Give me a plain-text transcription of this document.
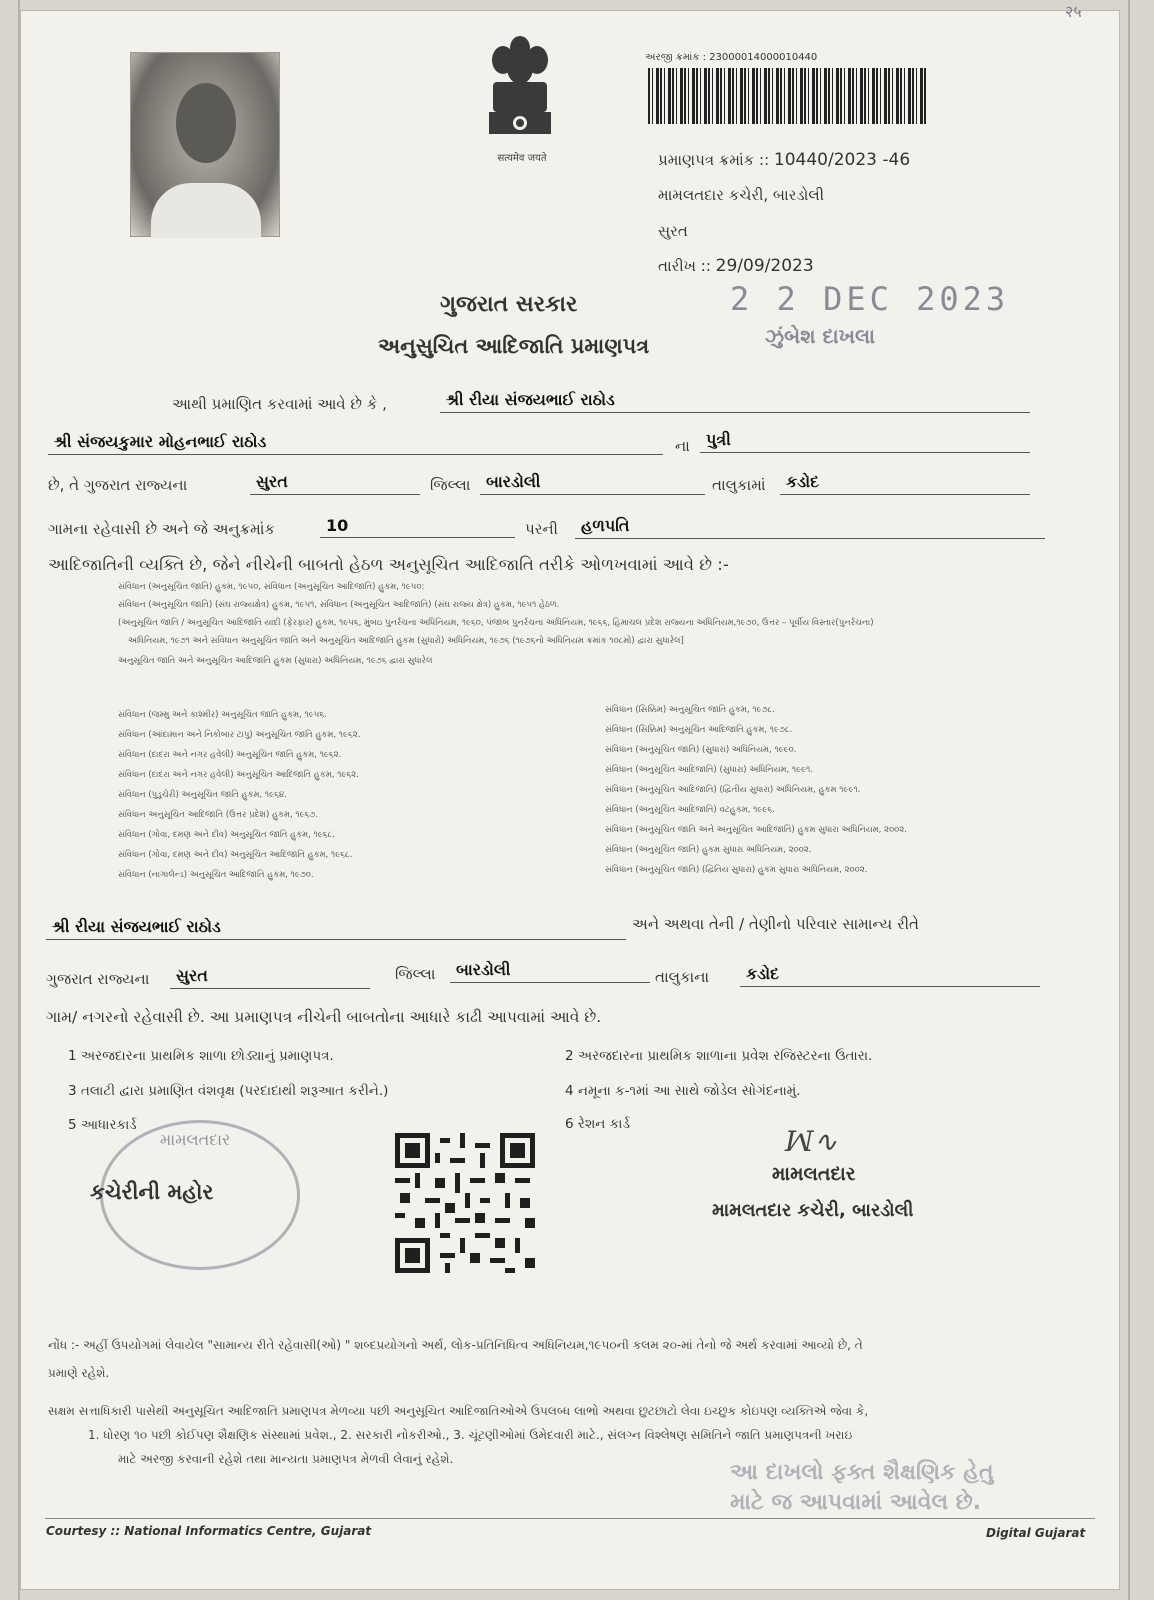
२५
सत्यमेव जयते
અરજી ક્રમાંક : 23000014000010440
પ્રમાણપત્ર ક્રમાંક :: 10440/2023 -46
મામલતદાર કચેરી, બારડોલી
સુરત
તારીખ :: 29/09/2023
2 2 DEC 2023
ઝુંબેશ દાખલા
ગુજરાત સરકાર
અનુસુચિત આદિજાતિ પ્રમાણપત્ર
આથી પ્રમાણિત કરવામાં આવે છે કે ,	શ્રી રીયા સંજયભાઈ રાઠોડ
શ્રી સંજયકુમાર મોહનભાઈ રાઠોડ	ના	પુત્રી
છે, તે ગુજરાત રાજ્યના	સુરત	જિલ્લા બારડોલી	તાલુકામાં	કડોદ
ગામના રહેવાસી છે અને જે અનુક્રમાંક	10	પરની	હળપતિ
આદિજાતિની વ્યક્તિ છે, જેને નીચેની બાબતો હેઠળ અનુસૂચિત આદિજાતિ તરીકે ઓળખવામાં આવે છે :-
સંવિધાન (અનુસૂચિત જાતિ) હુકમ, ૧૯૫૦, સંવિધાન (અનુસૂચિત આદિજાતિ) હુકમ, ૧૯૫૦:
સંવિધાન (અનુસૂચિત જાતિ) (સંઘ રાજ્યક્ષેત્ર) હુકમ, ૧૯૫૧, સંવિધાન (અનુસૂચિત આદિજાતિ) (સંઘ રાજ્ય ક્ષેત્ર) હુકમ, ૧૯૫૧ હેઠળ.
(અનુસૂચિત જાતિ / અનુસૂચિત આદિજાતિ યાદી (ફેરફાર) હુકમ, ૧૯૫૬, મુંબઇ પુનર્રચના અધિનિયમ, ૧૯૬૦, પંજાબ પુનર્રચના અધિનિયમ, ૧૯૬૬, હિમાચલ પ્રદેશ રાજ્યના અધિનિયમ,૧૯૭૦, ઉત્તર – પૂર્વીય વિસ્તાર(પુનર્રચના)
અધિનિયમ, ૧૯૭૧ અને સંવિધાન અનુસૂચિત જાતિ અને અનુસૂચિત આદિજાતિ હુકમ (સુધારો) અધિનિયમ, ૧૯૭૬ (૧૯૭૬નો અધિનિયમ ક્રમાંક ૧૦૮મો) દ્વારા સુધારેલ]
અનુસૂચિત જાતિ અને અનુસૂચિત આદિજાતિ હુકમ (સુધારા) અધિનિયમ, ૧૯૭૬ દ્વારા સુધારેલ
સંવિધાન (જમ્મુ અને કાશ્મીર) અનુસૂચિત જાતિ હુકમ, ૧૯૫૬.
સંવિધાન (આંદામાન અને નિકોબાર ટાપુ) અનુસૂચિત જાતિ હુકમ, ૧૯૬૨.
સંવિધાન (દાદરા અને નગર હવેલી) અનુસૂચિત જાતિ હુકમ, ૧૯૬૨.
સંવિધાન (દાદરા અને નગર હવેલી) અનુસૂચિત આદિજાતિ હુકમ, ૧૯૬૨.
સંવિધાન (પુડુચેરી) અનુસૂચિત જાતિ હુકમ, ૧૯૬૪.
સંવિધાન અનુસૂચિત આદિજાતિ (ઉત્તર પ્રદેશ) હુકમ, ૧૯૬૭.
સંવિધાન (ગોવા, દમણ અને દીવ) અનુસૂચિત જાતિ હુકમ, ૧૯૬૮.
સંવિધાન (ગોવા, દમણ અને દીવ) અનુસૂચિત આદિજાતિ હુકમ, ૧૯૬૮.
સંવિધાન (નાગાલેન્ડ) અનુસૂચિત આદિજાતિ હુકમ, ૧૯૭૦.
સંવિધાન (સિક્કિમ) અનુસૂચિત જાતિ હુકમ, ૧૯૭૮.
સંવિધાન (સિક્કિમ) અનુસૂચિત આદિજાતિ હુકમ, ૧૯૭૮.
સંવિધાન (અનુસૂચિત જાતિ) (સુધારા) અધિનિયમ, ૧૯૯૦.
સંવિધાન (અનુસૂચિત આદિજાતિ) (સુધારા) અધિનિયમ, ૧૯૯૧.
સંવિધાન (અનુસૂચિત આદિજાતિ) (દ્વિતીય સુધારા) અધિનિયમ, હુકમ ૧૯૯૧.
સંવિધાન (અનુસૂચિત આદિજાતિ) વટહુકમ, ૧૯૯૬.
સંવિધાન (અનુસૂચિત જાતિ અને અનુસૂચિત આદિજાતિ) હુકમ સુધારા અધિનિયમ, ૨૦૦૨.
સંવિધાન (અનુસૂચિત જાતિ) હુકમ સુધારા અધિનિયમ, ૨૦૦૨.
સંવિધાન (અનુસૂચિત જાતિ) (દ્વિતિય સુધારા) હુકમ સુધારા અધિનિયમ, ૨૦૦૨.
શ્રી રીયા સંજયભાઈ રાઠોડ	અને અથવા તેની / તેણીનો પરિવાર સામાન્ય રીતે
ગુજરાત રાજ્યના	સુરત	જિલ્લા	બારડોલી	તાલુકાના	કડોદ
ગામ/ નગરનો રહેવાસી છે. આ પ્રમાણપત્ર નીચેની બાબતોના આધારે કાઢી આપવામાં આવે છે.
1 અરજદારના પ્રાથમિક શાળા છોડ્યાનું પ્રમાણપત્ર.	2 અરજદારના પ્રાથમિક શાળાના પ્રવેશ રજિસ્ટરના ઉતારા.
3 તલાટી દ્વારા પ્રમાણિત વંશવૃક્ષ (પરદાદાથી શરૂઆત કરીને.)	4 નમૂના ક-૧માં આ સાથે જોડેલ સોગંદનામું.
5 આધારકાર્ડ	6 રેશન કાર્ડ
મામલતદાર
કચેરીની મહોર
ꟽ∿
મામલતદાર
મામલતદાર કચેરી, બારડોલી
નોંધ :- અહીં ઉપયોગમાં લેવાયેલ "સામાન્ય રીતે રહેવાસી(ઓ) " શબ્દપ્રયોગનો અર્થ, લોક-પ્રતિનિધિત્વ અધિનિયમ,૧૯૫૦ની કલમ ૨૦-માં તેનો જે અર્થ કરવામાં આવ્યો છે, તે
પ્રમાણે રહેશે.
સક્ષમ સત્તાધિકારી પાસેથી અનુસૂચિત આદિજાતિ પ્રમાણપત્ર મેળવ્યા પછી અનુસૂચિત આદિજાતિઓએ ઉપલબ્ધ લાભો અથવા છુટછાટો લેવા ઇચ્છુક કોઇપણ વ્યક્તિએ જેવા કે,
1. ધોરણ ૧૦ પછી કોઈપણ શૈક્ષણિક સંસ્થામાં પ્રવેશ., 2. સરકારી નોકરીઓ., 3. ચૂંટણીઓમાં ઉમેદવારી માટે., સંલગ્ન વિશ્લેષણ સમિતિને જાતિ પ્રમાણપત્રની ખરાઇ
માટે અરજી કરવાની રહેશે તથા માન્યતા પ્રમાણપત્ર મેળવી લેવાનું રહેશે.
આ દાખલો ફક્ત શૈક્ષણિક હેતુ
માટે જ આપવામાં આવેલ છે.
Courtesy :: National Informatics Centre, Gujarat	Digital Gujarat
